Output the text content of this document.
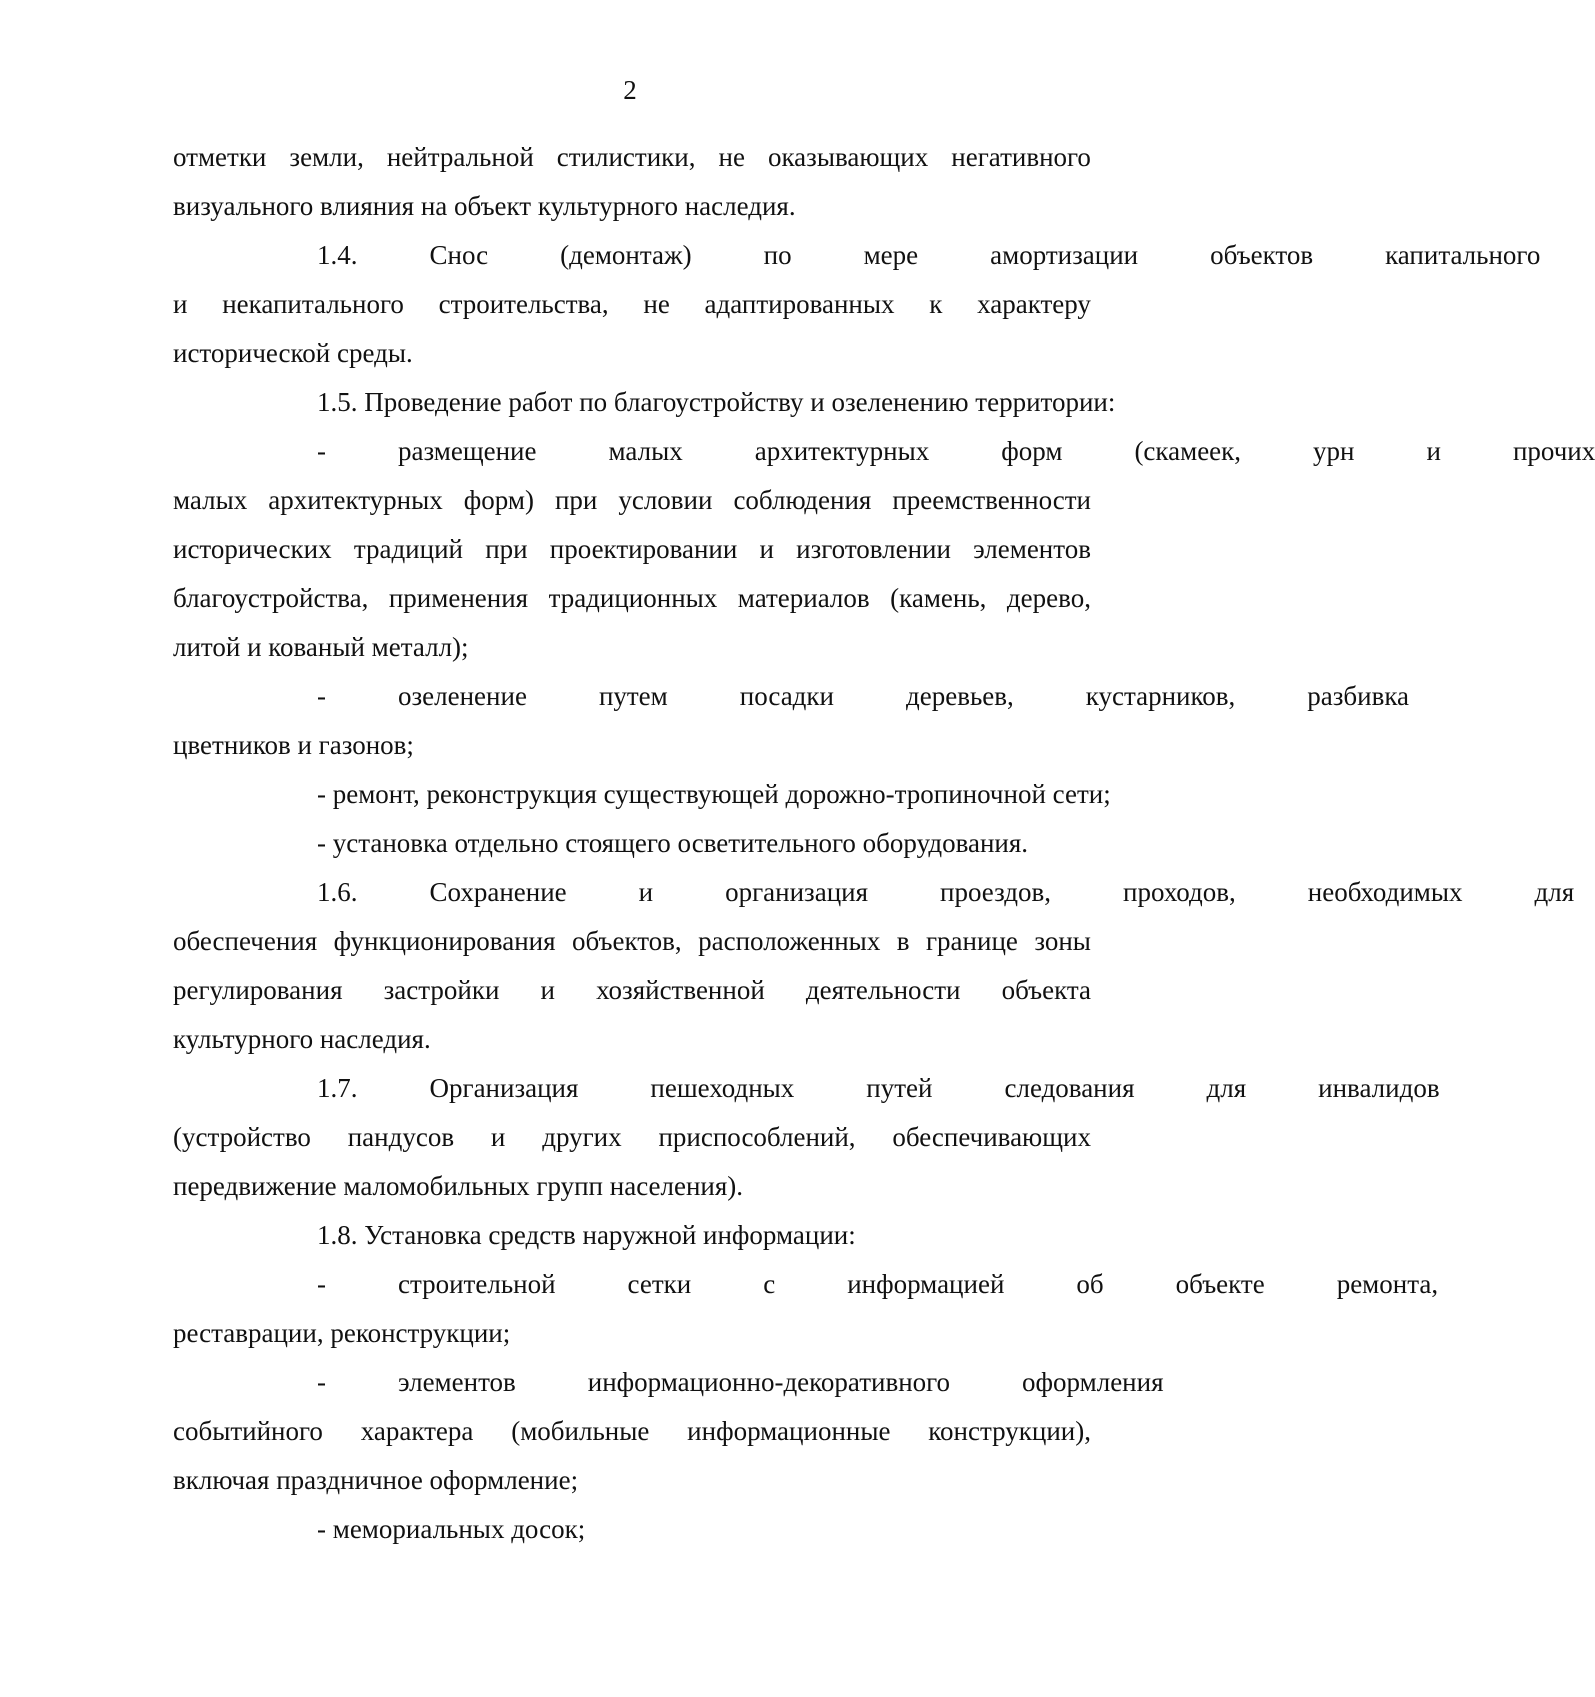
2
отметки земли, нейтральной стилистики, не оказывающих негативного
визуального влияния на объект культурного наследия.
1.4.	Снос	(демонтаж)	по	мере	амортизации	объектов	капитального
и некапитального строительства, не адаптированных к характеру
исторической среды.
1.5. Проведение работ по благоустройству и озеленению территории:
-	размещение	малых	архитектурных	форм	(скамеек,	урн	и	прочих
малых архитектурных форм) при условии соблюдения преемственности
исторических традиций при проектировании и изготовлении элементов
благоустройства, применения традиционных материалов (камень, дерево,
литой и кованый металл);
-	озеленение	путем	посадки	деревьев,	кустарников,	разбивка
цветников и газонов;
- ремонт, реконструкция существующей дорожно-тропиночной сети;
- установка отдельно стоящего осветительного оборудования.
1.6.	Сохранение	и	организация	проездов,	проходов,	необходимых	для
обеспечения функционирования объектов, расположенных в границе зоны
регулирования застройки и хозяйственной деятельности объекта
культурного наследия.
1.7.	Организация	пешеходных	путей	следования	для	инвалидов
(устройство пандусов и других приспособлений, обеспечивающих
передвижение маломобильных групп населения).
1.8. Установка средств наружной информации:
-	строительной	сетки	с	информацией	об	объекте	ремонта,
реставрации, реконструкции;
-	элементов	информационно-декоративного	оформления
событийного характера (мобильные информационные конструкции),
включая праздничное оформление;
- мемориальных досок;
